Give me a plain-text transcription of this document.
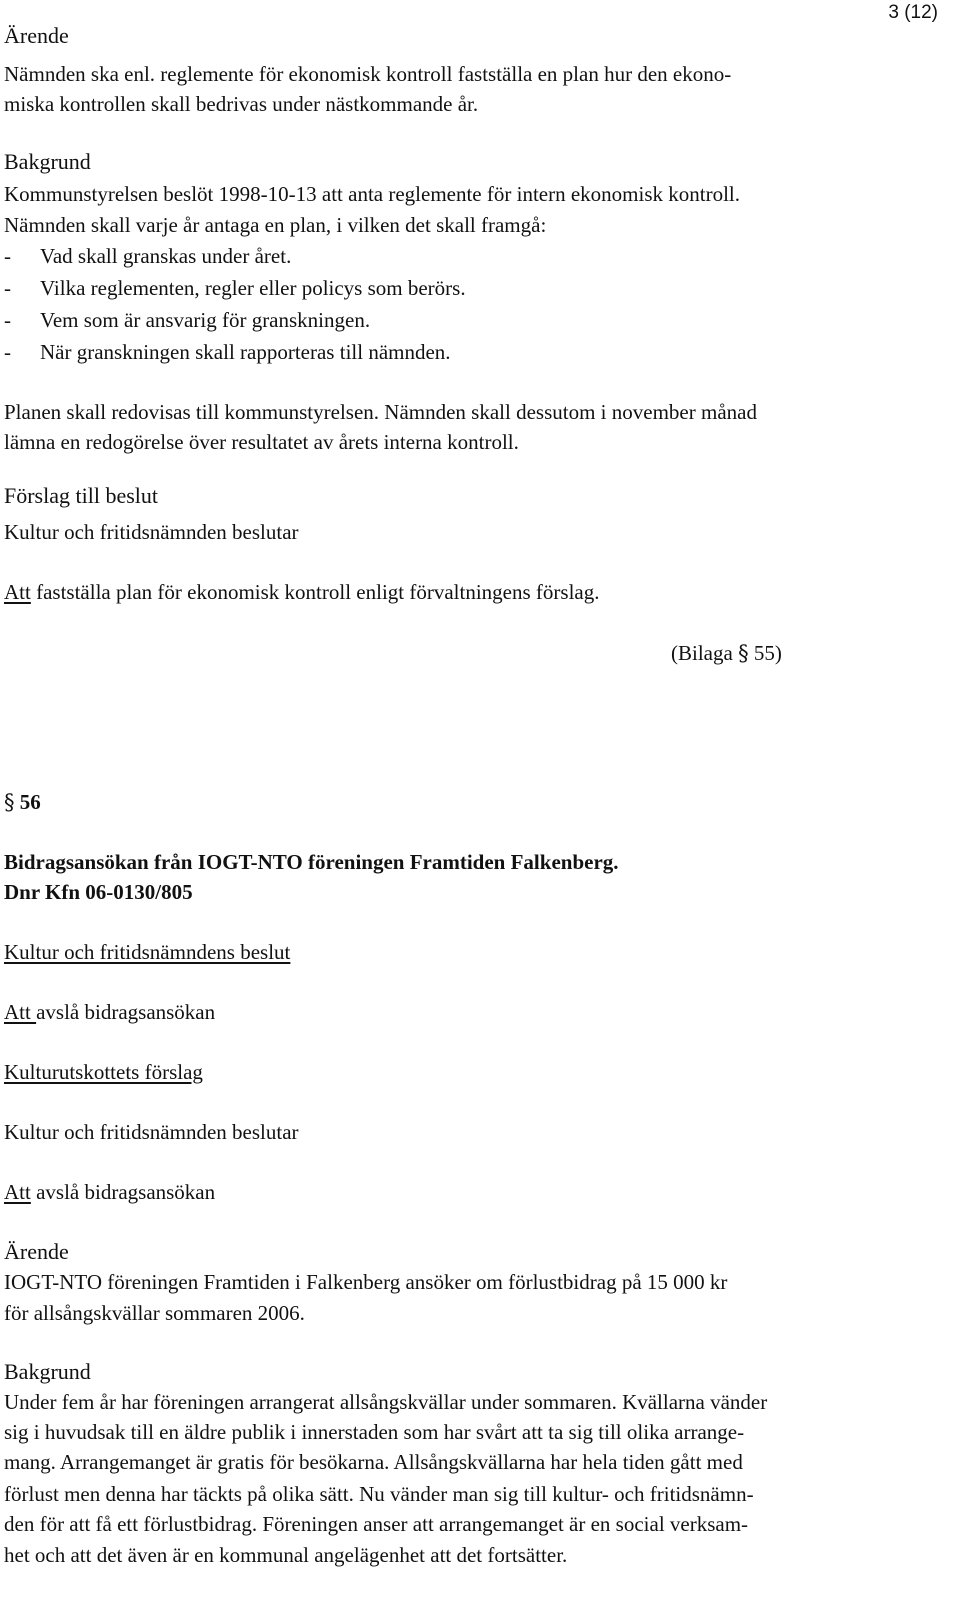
3 (12)
Ärende
Nämnden ska enl. reglemente för ekonomisk kontroll fastställa en plan hur den ekono-
miska kontrollen skall bedrivas under nästkommande år.
Bakgrund
Kommunstyrelsen beslöt 1998-10-13 att anta reglemente för intern ekonomisk kontroll.
Nämnden skall varje år antaga en plan, i vilken det skall framgå:
- Vad skall granskas under året.
- Vilka reglementen, regler eller policys som berörs.
- Vem som är ansvarig för granskningen.
- När granskningen skall rapporteras till nämnden.
Planen skall redovisas till kommunstyrelsen. Nämnden skall dessutom i november månad
lämna en redogörelse över resultatet av årets interna kontroll.
Förslag till beslut
Kultur och fritidsnämnden beslutar
Att fastställa plan för ekonomisk kontroll enligt förvaltningens förslag.
(Bilaga § 55)
§ 56
Bidragsansökan från IOGT-NTO föreningen Framtiden Falkenberg.
Dnr Kfn 06-0130/805
Kultur och fritidsnämndens beslut
Att avslå bidragsansökan
Kulturutskottets förslag
Kultur och fritidsnämnden beslutar
Att avslå bidragsansökan
Ärende
IOGT-NTO föreningen Framtiden i Falkenberg ansöker om förlustbidrag på 15 000 kr
för allsångskvällar sommaren 2006.
Bakgrund
Under fem år har föreningen arrangerat allsångskvällar under sommaren. Kvällarna vänder
sig i huvudsak till en äldre publik i innerstaden som har svårt att ta sig till olika arrange-
mang. Arrangemanget är gratis för besökarna. Allsångskvällarna har hela tiden gått med
förlust men denna har täckts på olika sätt. Nu vänder man sig till kultur- och fritidsnämn-
den för att få ett förlustbidrag. Föreningen anser att arrangemanget är en social verksam-
het och att det även är en kommunal angelägenhet att det fortsätter.
